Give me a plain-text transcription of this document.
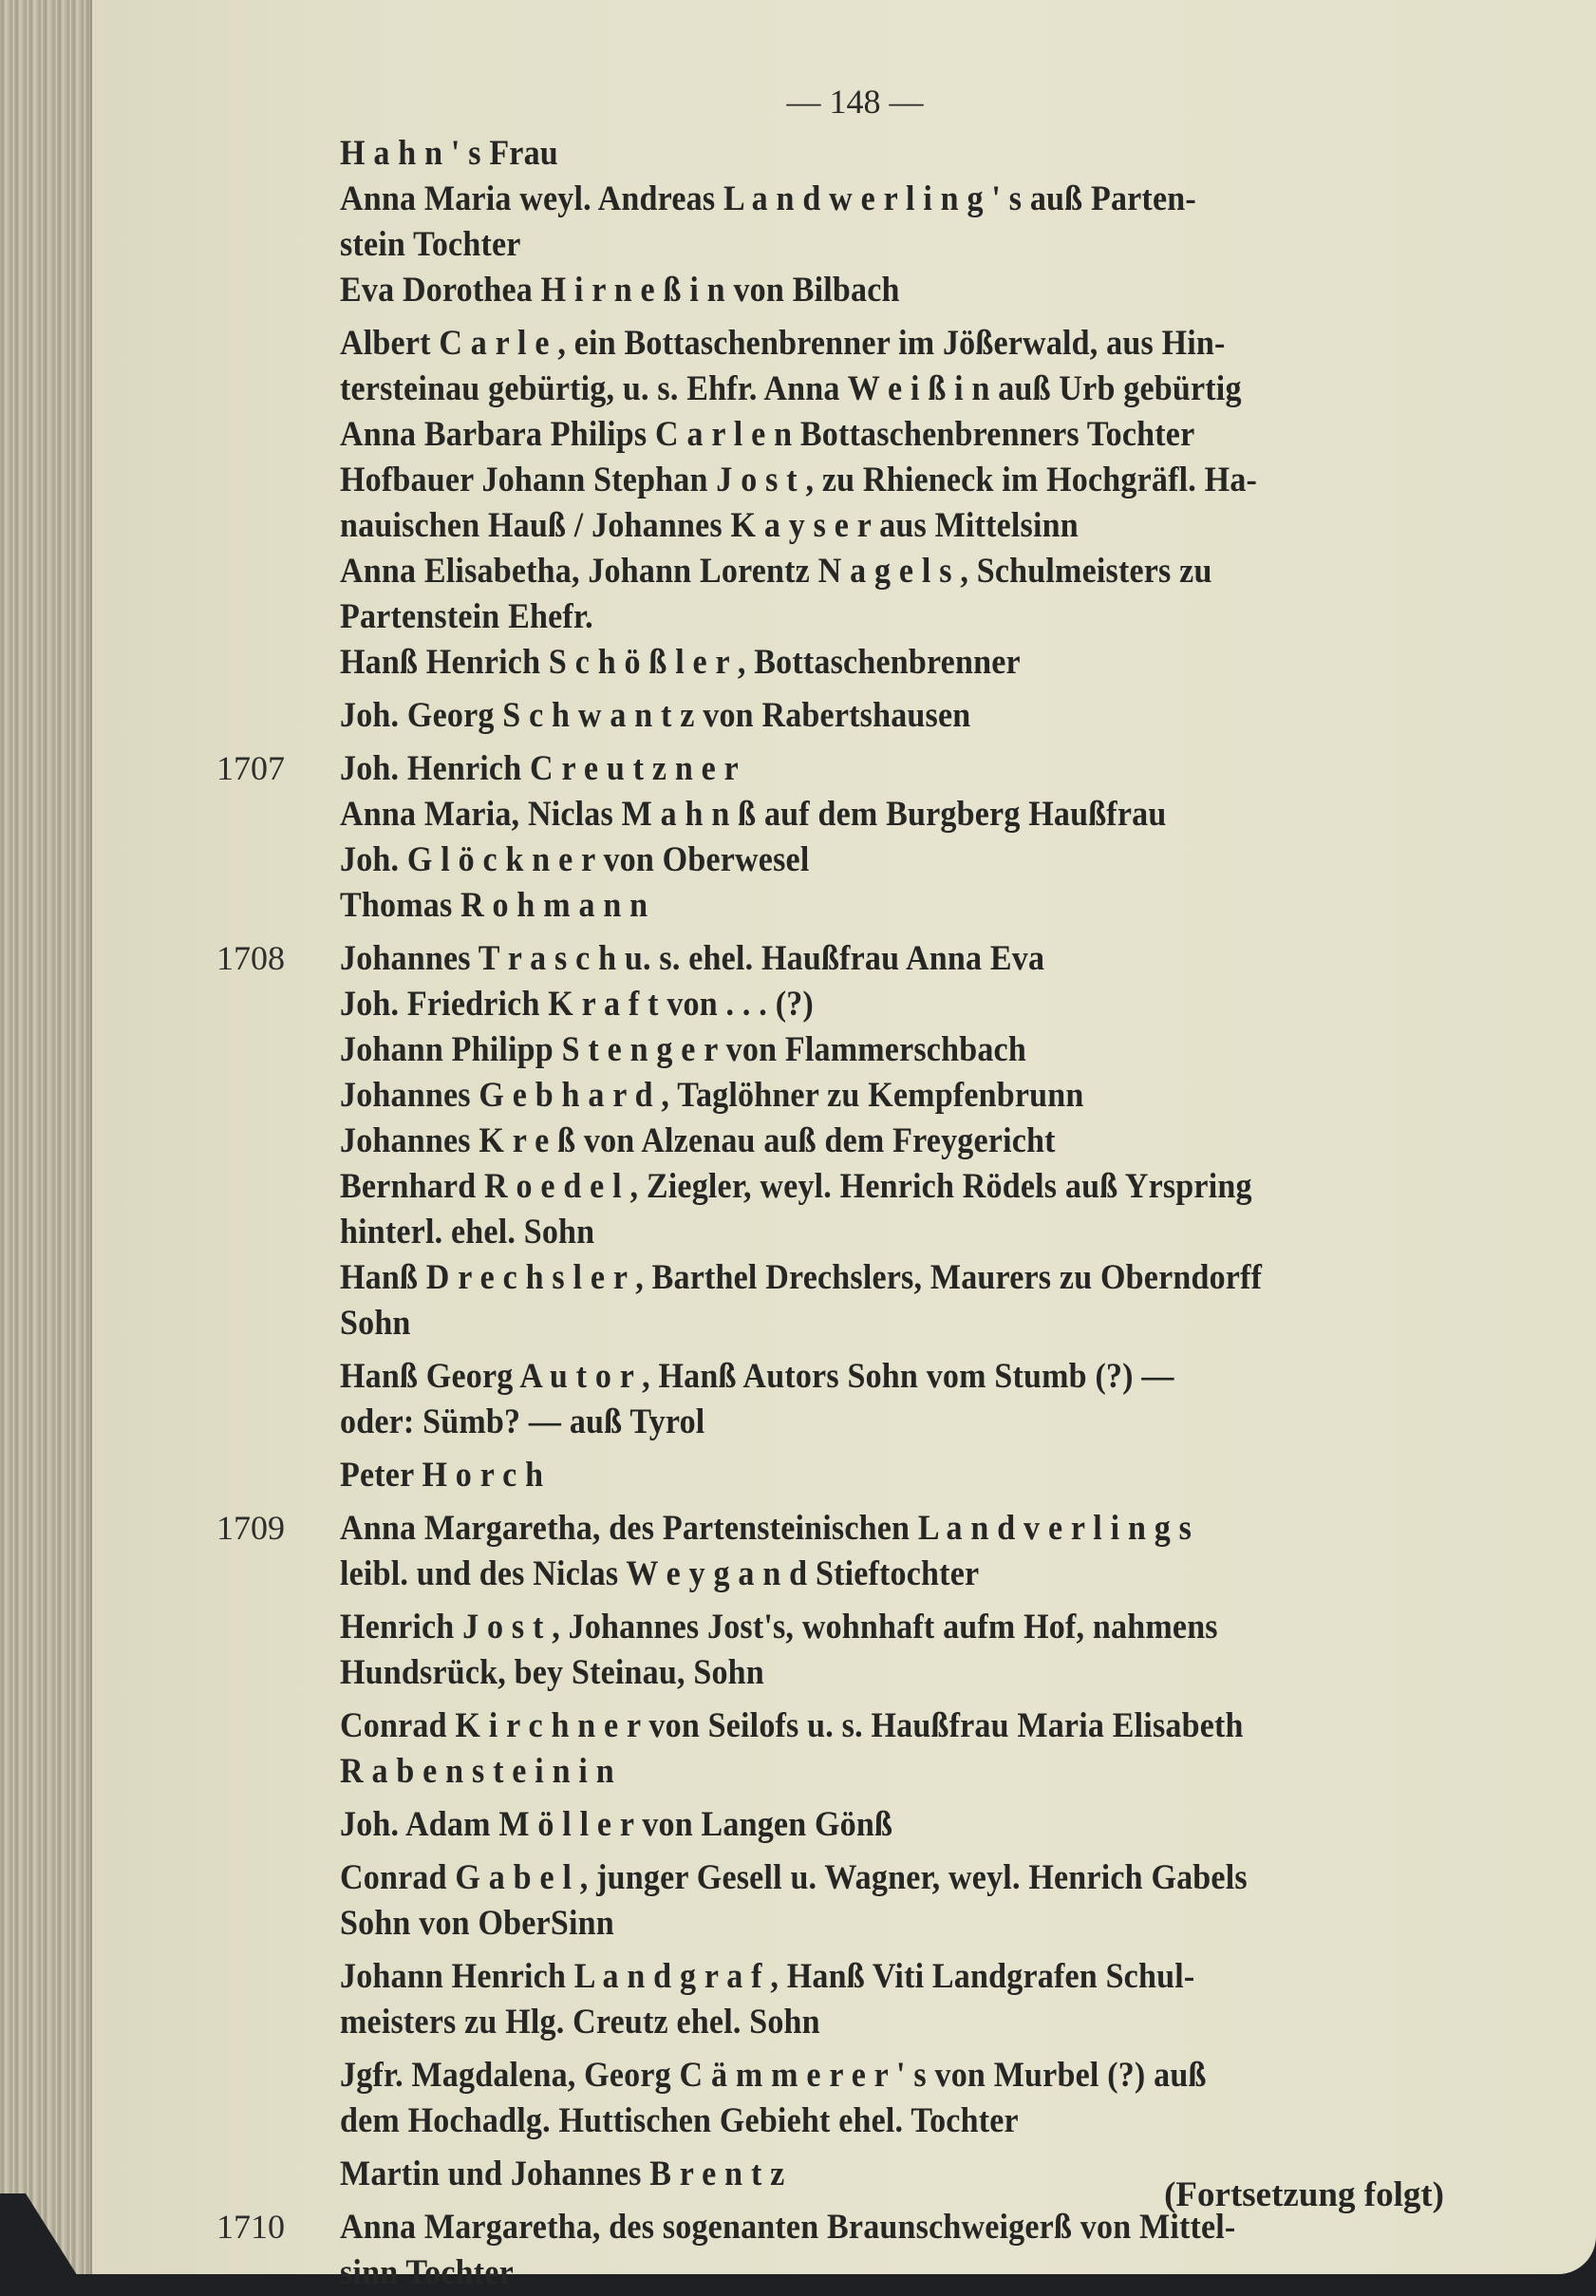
— 148 —
H a h n ' s Frau
Anna Maria weyl. Andreas L a n d w e r l i n g ' s auß Parten-
stein Tochter
Eva Dorothea H i r n e ß i n von Bilbach
Albert C a r l e , ein Bottaschenbrenner im Jößerwald, aus Hin-
tersteinau gebürtig, u. s. Ehfr. Anna W e i ß i n auß Urb gebürtig
Anna Barbara Philips C a r l e n Bottaschenbrenners Tochter
Hofbauer Johann Stephan J o s t , zu Rhieneck im Hochgräfl. Ha-
nauischen Hauß / Johannes K a y s e r aus Mittelsinn
Anna Elisabetha, Johann Lorentz N a g e l s , Schulmeisters zu
Partenstein Ehefr.
Hanß Henrich S c h ö ß l e r , Bottaschenbrenner
Joh. Georg S c h w a n t z von Rabertshausen
1707	Joh. Henrich C r e u t z n e r
Anna Maria, Niclas M a h n ß auf dem Burgberg Haußfrau
Joh. G l ö c k n e r von Oberwesel
Thomas R o h m a n n
1708	Johannes T r a s c h u. s. ehel. Haußfrau Anna Eva
Joh. Friedrich K r a f t von . . . (?)
Johann Philipp S t e n g e r von Flammerschbach
Johannes G e b h a r d , Taglöhner zu Kempfenbrunn
Johannes K r e ß von Alzenau auß dem Freygericht
Bernhard R o e d e l , Ziegler, weyl. Henrich Rödels auß Yrspring
hinterl. ehel. Sohn
Hanß D r e c h s l e r , Barthel Drechslers, Maurers zu Oberndorff
Sohn
Hanß Georg A u t o r , Hanß Autors Sohn vom Stumb (?) —
oder: Sümb? — auß Tyrol
Peter H o r c h
1709	Anna Margaretha, des Partensteinischen L a n d v e r l i n g s
leibl. und des Niclas W e y g a n d Stieftochter
Henrich J o s t , Johannes Jost's, wohnhaft aufm Hof, nahmens
Hundsrück, bey Steinau, Sohn
Conrad K i r c h n e r von Seilofs u. s. Haußfrau Maria Elisabeth
R a b e n s t e i n i n
Joh. Adam M ö l l e r von Langen Gönß
Conrad G a b e l , junger Gesell u. Wagner, weyl. Henrich Gabels
Sohn von OberSinn
Johann Henrich L a n d g r a f , Hanß Viti Landgrafen Schul-
meisters zu Hlg. Creutz ehel. Sohn
Jgfr. Magdalena, Georg C ä m m e r e r ' s von Murbel (?) auß
dem Hochadlg. Huttischen Gebieht ehel. Tochter
Martin und Johannes B r e n t z
1710	Anna Margaretha, des sogenanten Braunschweigerß von Mittel-
sinn Tochter
(Fortsetzung folgt)
